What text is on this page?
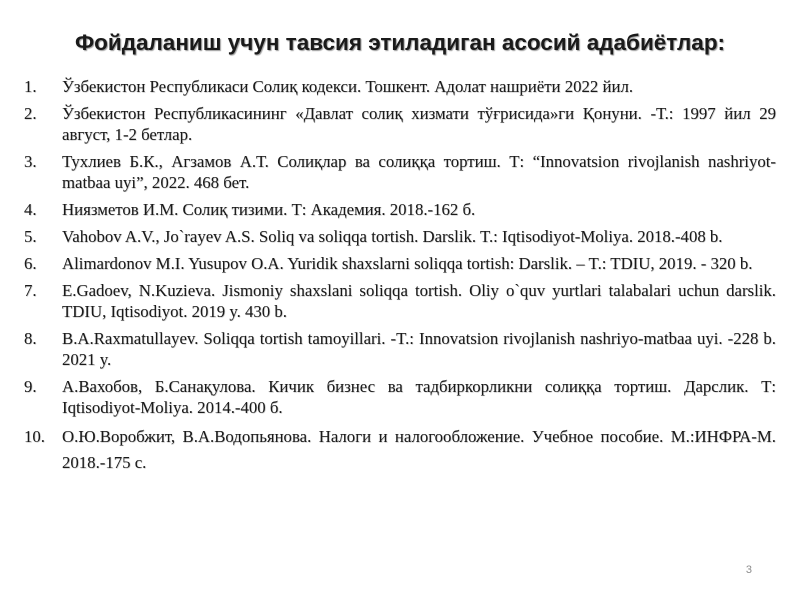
Фойдаланиш учун тавсия этиладиган асосий адабиётлар:
1. Ўзбекистон Республикаси Солиқ кодекси. Тошкент. Адолат нашриёти 2022 йил.
2. Ўзбекистон Республикасининг «Давлат солиқ хизмати тўғрисида»ги Қонуни. -Т.: 1997 йил 29 август, 1-2 бетлар.
3. Тухлиев Б.К., Агзамов А.Т. Солиқлар ва солиққа тортиш. Т: “Innovatsion rivojlanish nashriyot-matbaa uyi”, 2022. 468 бет.
4. Ниязметов И.М. Солиқ тизими. Т: Академия. 2018.-162 б.
5. Vahobov A.V., Jo`rayev A.S. Soliq va soliqqa tortish. Darslik. T.: Iqtisodiyot-Moliya. 2018.-408 b.
6. Alimardonov M.I. Yusupov O.A. Yuridik shaxslarni soliqqa tortish: Darslik. – T.: TDIU, 2019. - 320 b.
7. E.Gadoev, N.Kuzieva. Jismoniy shaxslani soliqqa tortish. Oliy o`quv yurtlari talabalari uchun darslik. TDIU, Iqtisodiyot. 2019 y. 430 b.
8. B.A.Raxmatullayev. Soliqqa tortish tamoyillari. -T.: Innovatsion rivojlanish nashriyo-matbaa uyi. -228 b. 2021 y.
9. А.Вахобов, Б.Санақулова. Кичик бизнес ва тадбиркорликни солиққа тортиш. Дарслик. Т: Iqtisodiyot-Moliya. 2014.-400 б.
10. О.Ю.Воробжит, В.А.Водопьянова. Налоги и налогообложение. Учебное пособие. М.:ИНФРА-М. 2018.-175 с.
3
